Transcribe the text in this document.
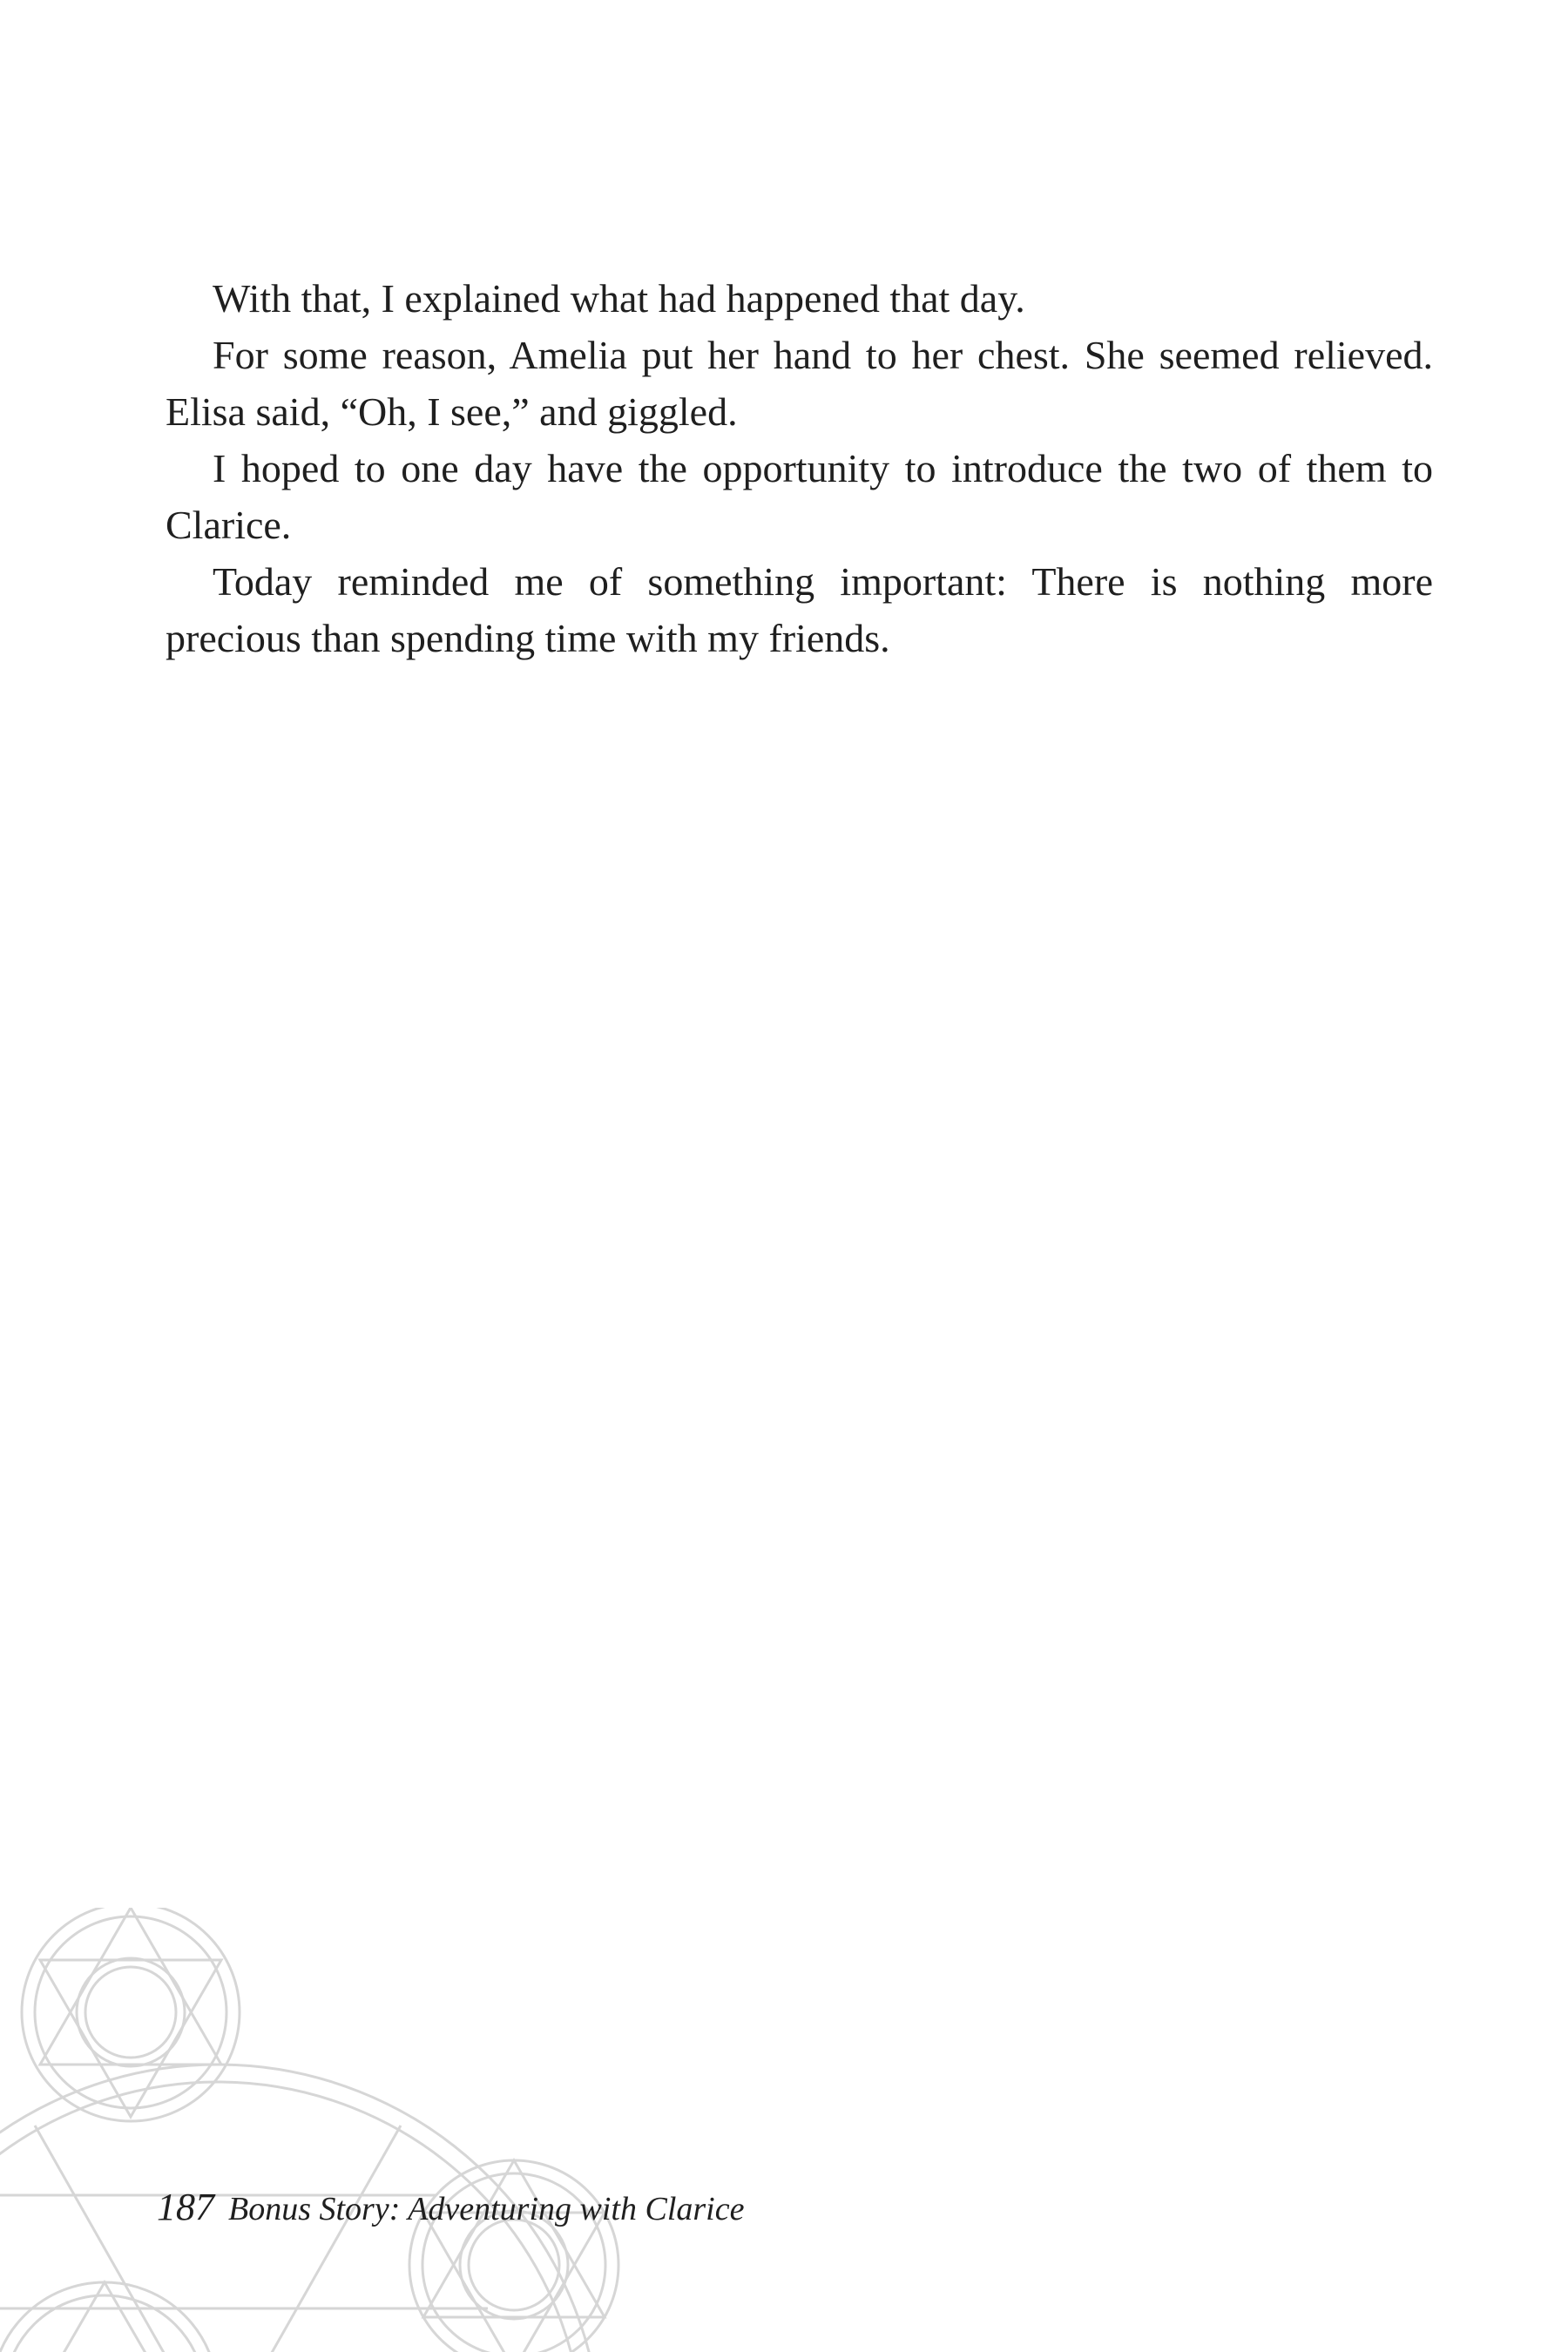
With that, I explained what had happened that day.

For some reason, Amelia put her hand to her chest. She seemed relieved. Elisa said, “Oh, I see,” and giggled.

I hoped to one day have the opportunity to introduce the two of them to Clarice.

Today reminded me of something important: There is nothing more precious than spending time with my friends.

187 Bonus Story: Adventuring with Clarice
